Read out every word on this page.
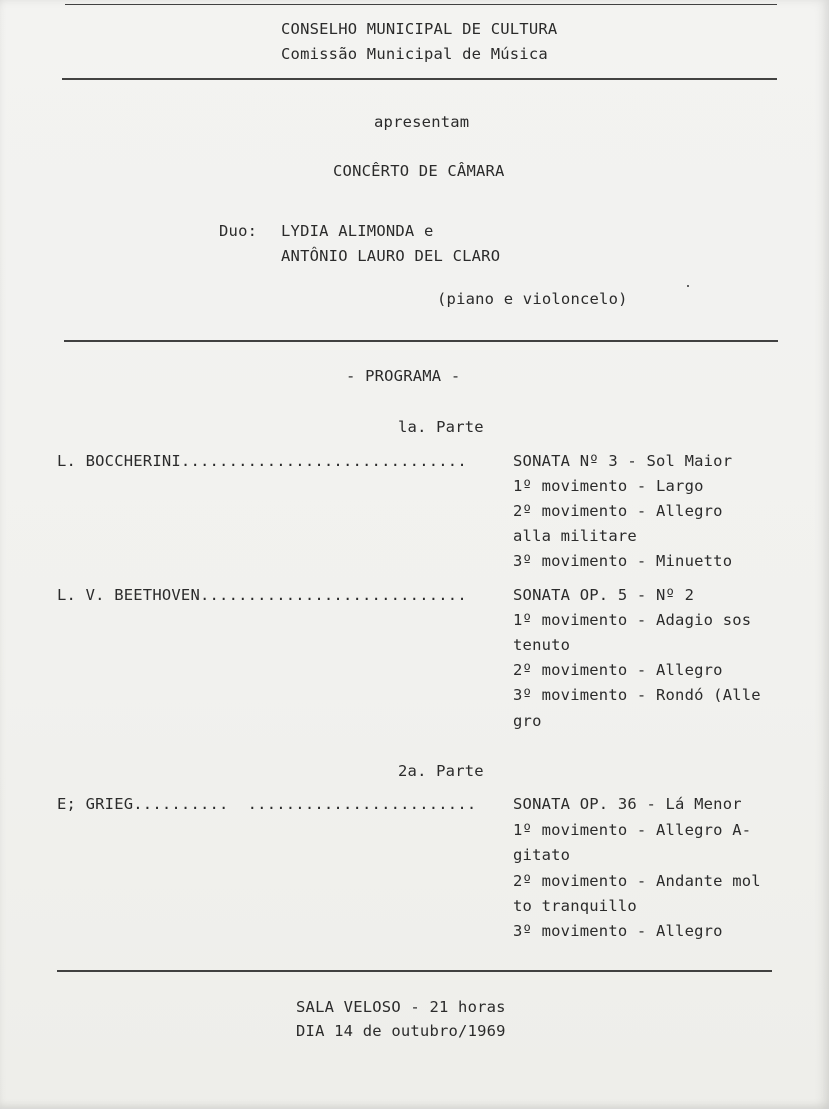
CONSELHO MUNICIPAL DE CULTURA
Comissão Municipal de Música
apresentam
CONCÊRTO DE CÂMARA
Duo: LYDIA ALIMONDA e
ANTÔNIO LAURO DEL CLARO
(piano e violoncelo)
- PROGRAMA -
la. Parte
L. BOCCHERINI..............................	SONATA Nº 3 - Sol Maior
1º movimento - Largo
2º movimento - Allegro
alla militare
3º movimento - Minuetto
L. V. BEETHOVEN............................	SONATA OP. 5 - Nº 2
1º movimento - Adagio sos
tenuto
2º movimento - Allegro
3º movimento - Rondó (Alle
gro
2a. Parte
E; GRIEG..........  ........................ SONATA OP. 36 - Lá Menor
1º movimento - Allegro A-
gitato
2º movimento - Andante mol
to tranquillo
3º movimento - Allegro
SALA VELOSO - 21 horas
DIA 14 de outubro/1969
